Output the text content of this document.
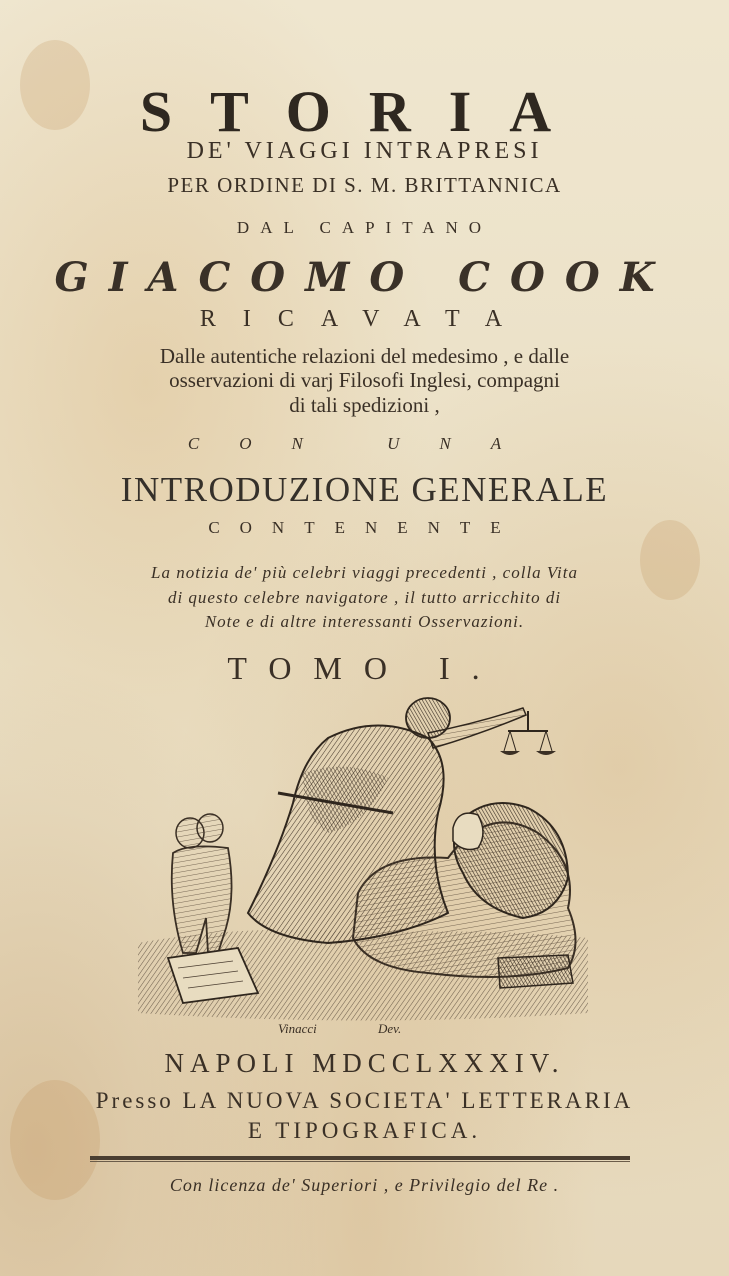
STORIA
DE' VIAGGI INTRAPRESI
PER ORDINE DI S. M. BRITTANNICA
DAL CAPITANO
GIACOMO COOK
RICAVATA
Dalle autentiche relazioni del medesimo , e dalle
osservazioni di varj Filosofi Inglesi, compagni
di tali spedizioni ,
CON UNA
INTRODUZIONE GENERALE
CONTENENTE
La notizia de' più celebri viaggi precedenti , colla Vita
di questo celebre navigatore , il tutto arricchito di
Note e di altre interessanti Osservazioni.
TOMO I.
Vinacci	Dev.
NAPOLI MDCCLXXXIV.
Presso LA NUOVA SOCIETA' LETTERARIA
E TIPOGRAFICA.
Con licenza de' Superiori , e Privilegio del Re .
